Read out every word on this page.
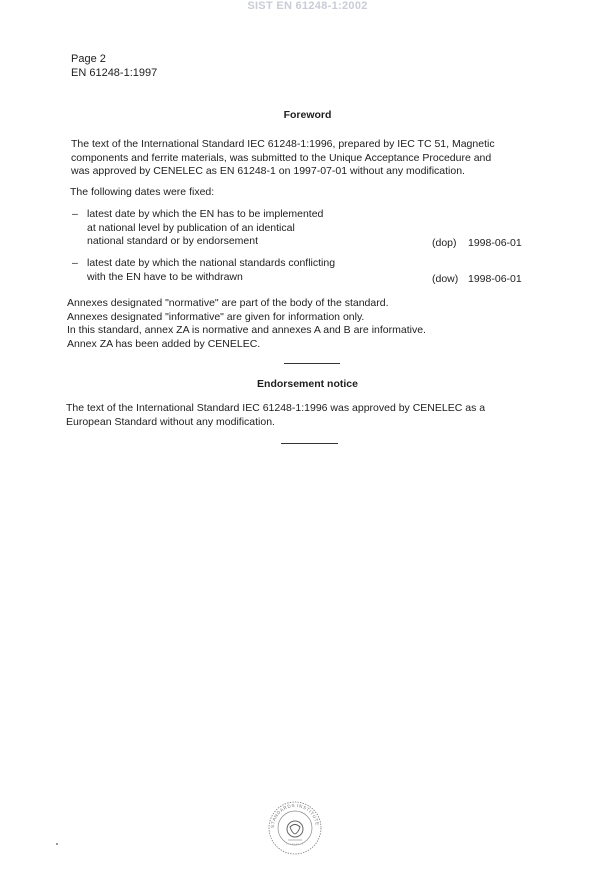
SIST EN 61248-1:2002
Page 2
EN 61248-1:1997
Foreword
The text of the International Standard IEC 61248-1:1996, prepared by IEC TC 51, Magnetic
components and ferrite materials, was submitted to the Unique Acceptance Procedure and
was approved by CENELEC as EN 61248-1 on 1997-07-01 without any modification.
The following dates were fixed:
– latest date by which the EN has to be implemented
at national level by publication of an identical
national standard or by endorsement	(dop) 1998-06-01
– latest date by which the national standards conflicting
with the EN have to be withdrawn	(dow) 1998-06-01
Annexes designated "normative" are part of the body of the standard.
Annexes designated "informative" are given for information only.
In this standard, annex ZA is normative and annexes A and B are informative.
Annex ZA has been added by CENELEC.
Endorsement notice
The text of the International Standard IEC 61248-1:1996 was approved by CENELEC as a
European Standard without any modification.
STANDARDS INSTITUTE
